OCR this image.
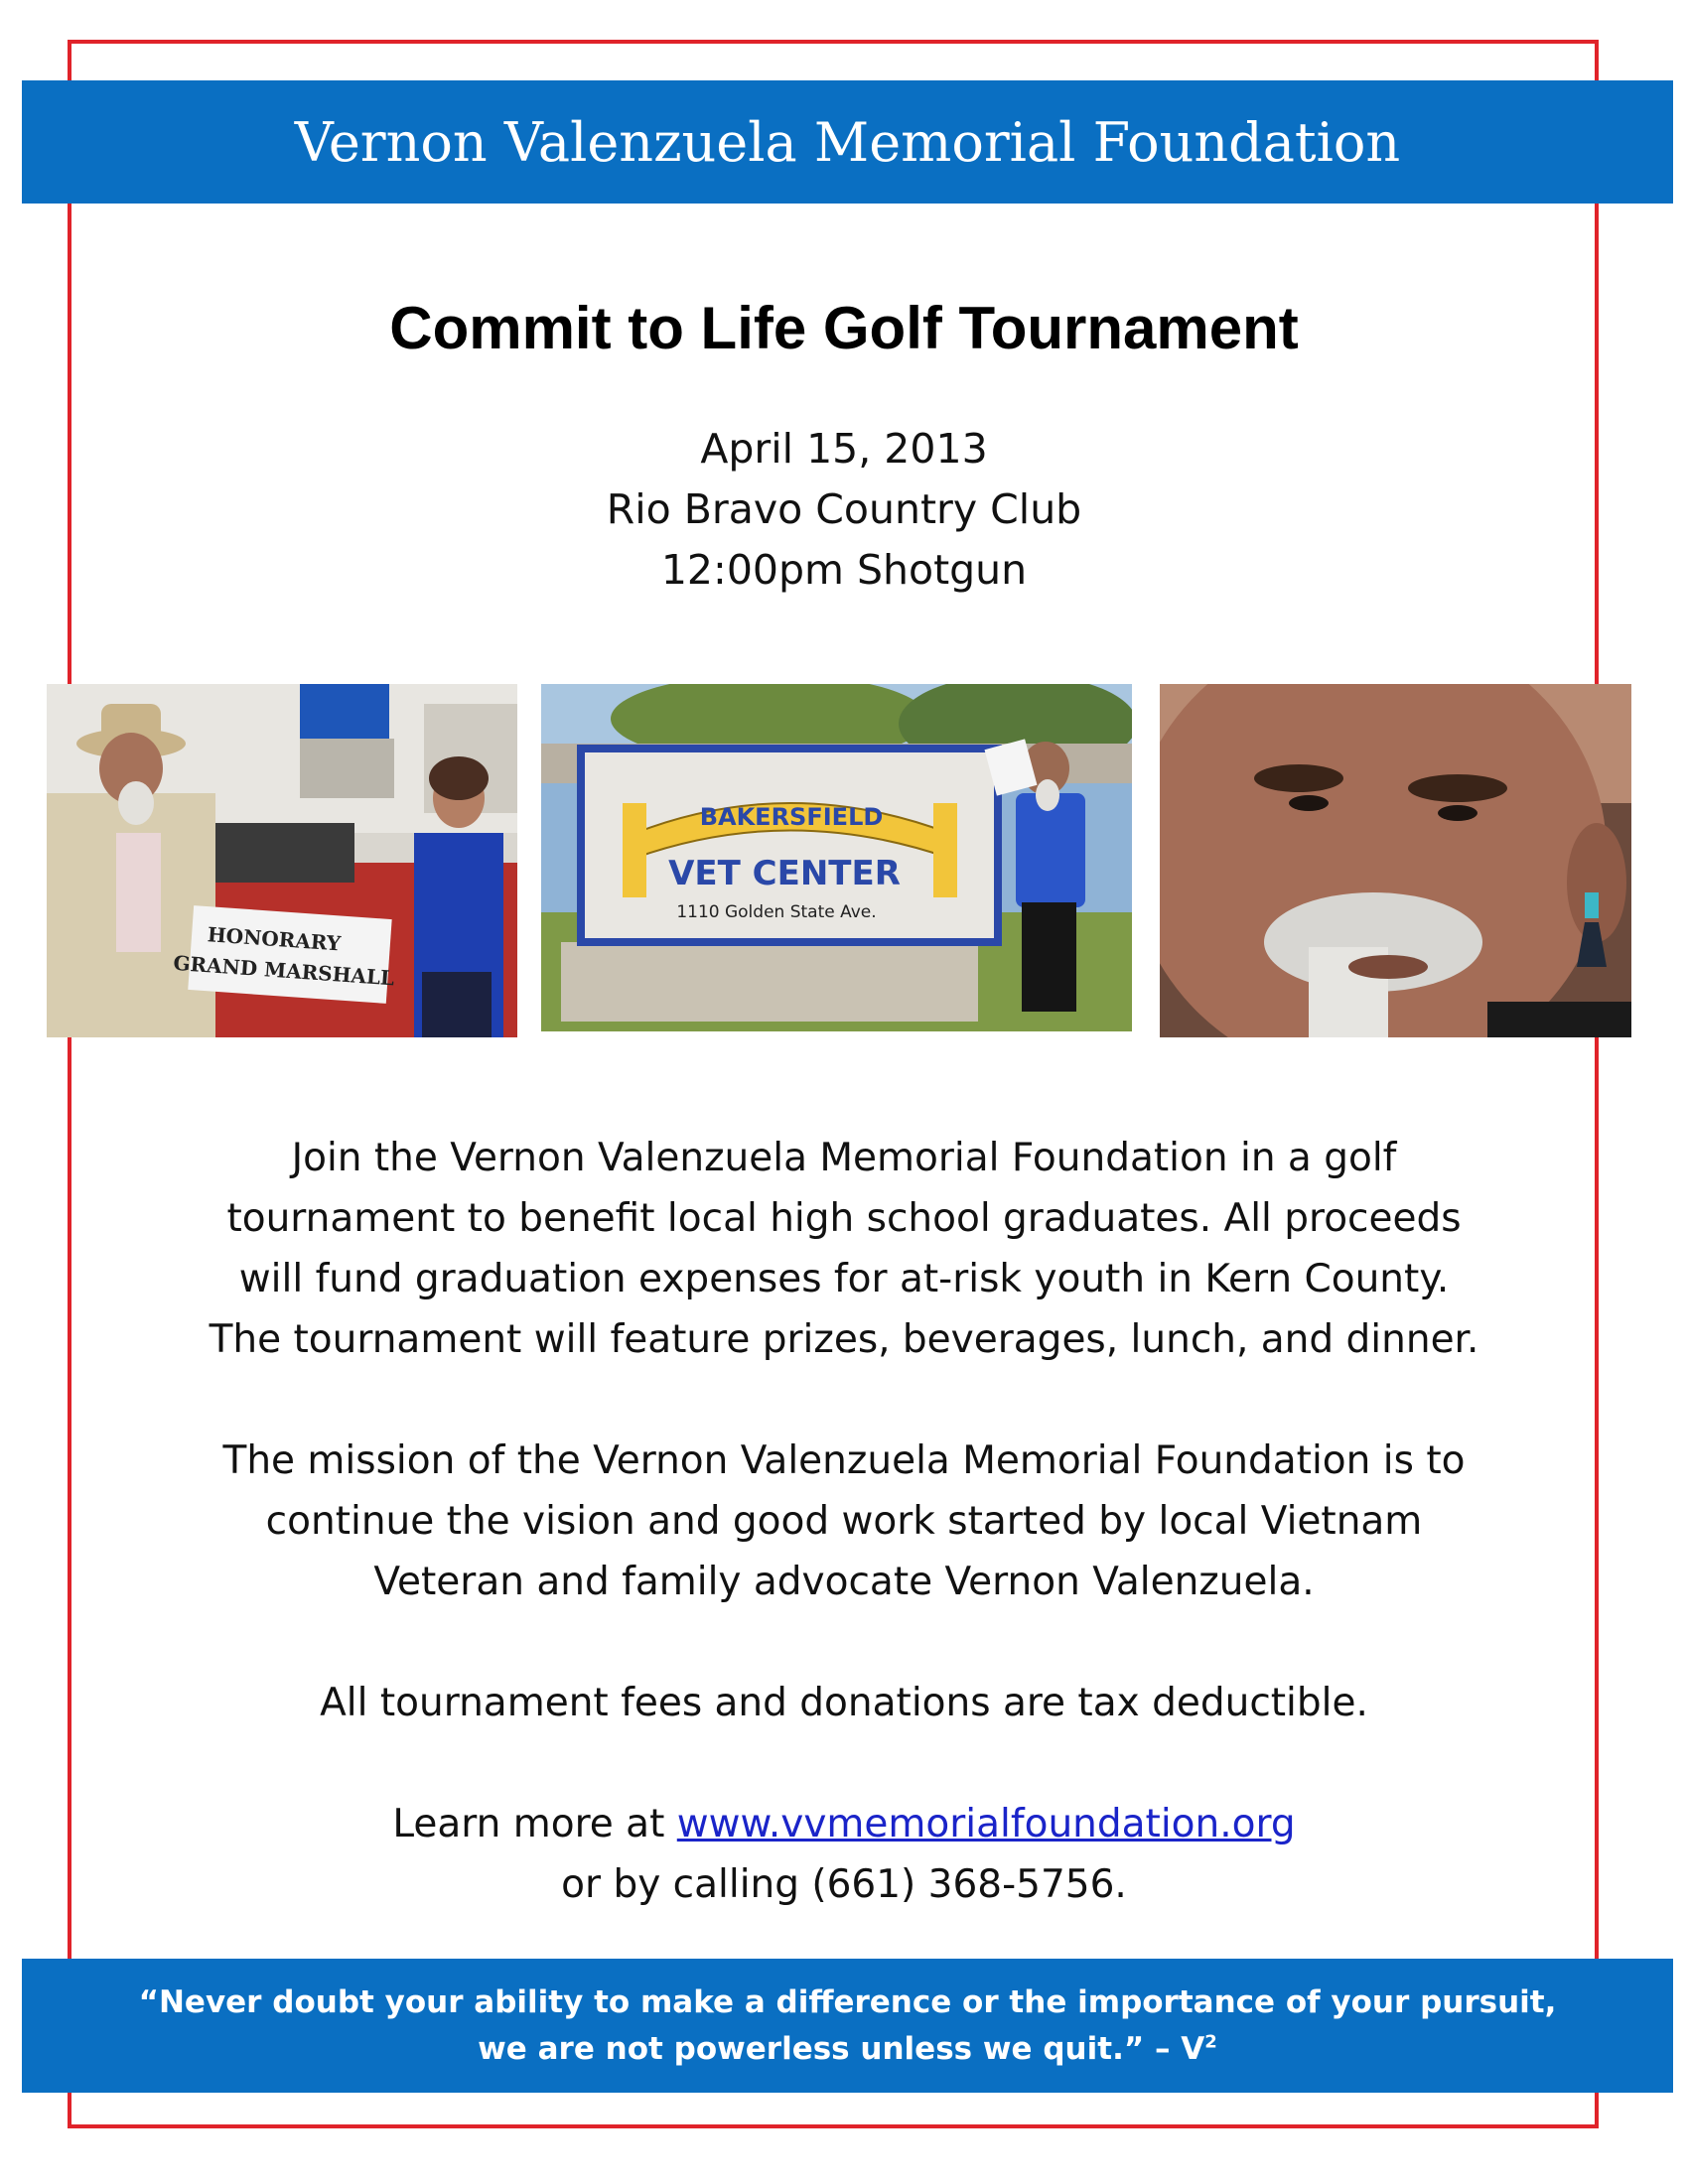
Vernon Valenzuela Memorial Foundation
Commit to Life Golf Tournament
April 15, 2013
Rio Bravo Country Club
12:00pm Shotgun
HONORARY
GRAND MARSHALL
BAKERSFIELD
VET CENTER
1110 Golden State Ave.
Join the Vernon Valenzuela Memorial Foundation in a golf
tournament to benefit local high school graduates. All proceeds
will fund graduation expenses for at-risk youth in Kern County.
The tournament will feature prizes, beverages, lunch, and dinner.
The mission of the Vernon Valenzuela Memorial Foundation is to
continue the vision and good work started by local Vietnam
Veteran and family advocate Vernon Valenzuela.
All tournament fees and donations are tax deductible.
Learn more at www.vvmemorialfoundation.org
or by calling (661) 368-5756.
“Never doubt your ability to make a difference or the importance of your pursuit,
we are not powerless unless we quit.” – $V^2$
